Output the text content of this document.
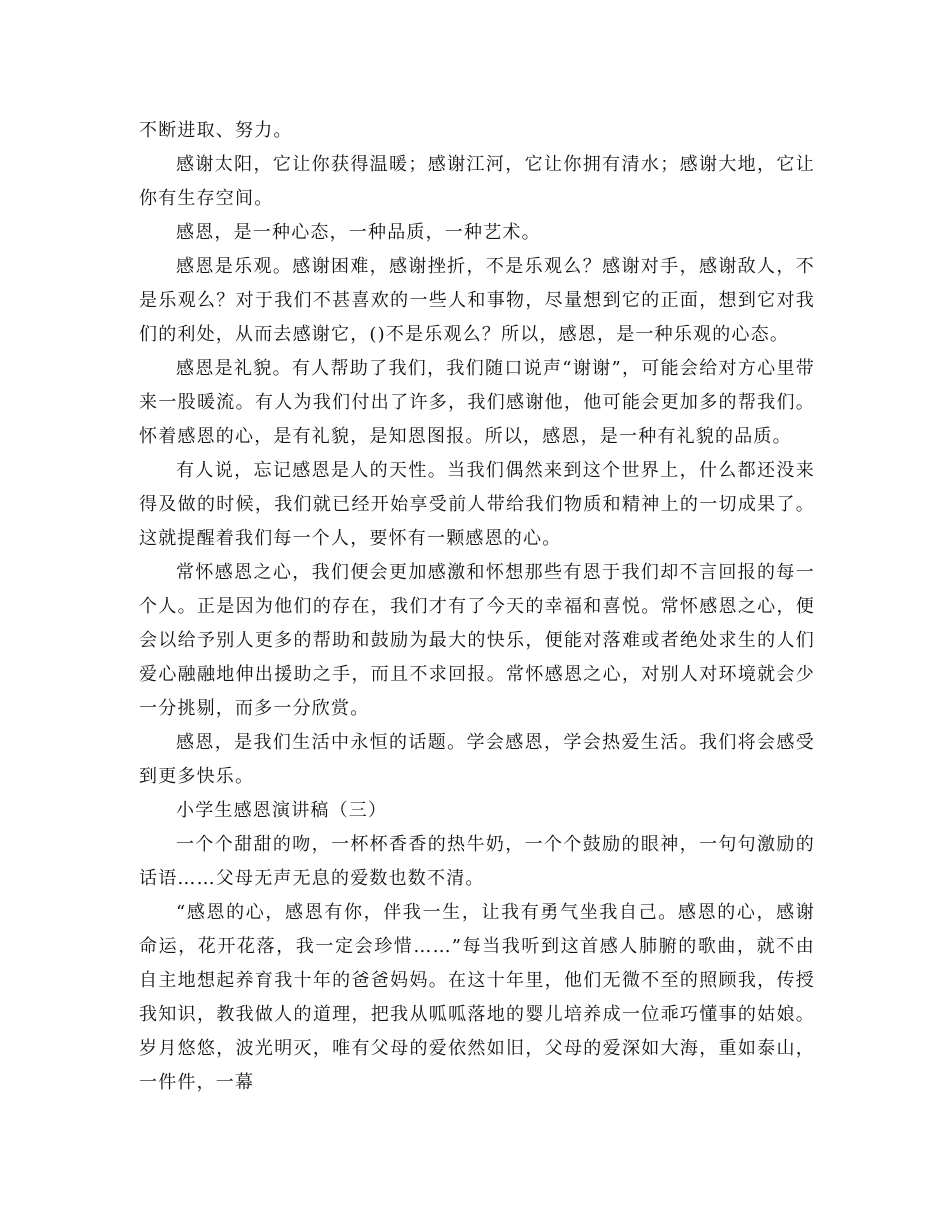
不断进取、努力。

感谢太阳，它让你获得温暖；感谢江河，它让你拥有清水；感谢大地，它让你有生存空间。

感恩，是一种心态，一种品质，一种艺术。

感恩是乐观。感谢困难，感谢挫折，不是乐观么？感谢对手，感谢敌人，不是乐观么？对于我们不甚喜欢的一些人和事物，尽量想到它的正面，想到它对我们的利处，从而去感谢它，()不是乐观么？所以，感恩，是一种乐观的心态。

感恩是礼貌。有人帮助了我们，我们随口说声“谢谢”，可能会给对方心里带来一股暖流。有人为我们付出了许多，我们感谢他，他可能会更加多的帮我们。怀着感恩的心，是有礼貌，是知恩图报。所以，感恩，是一种有礼貌的品质。

有人说，忘记感恩是人的天性。当我们偶然来到这个世界上，什么都还没来得及做的时候，我们就已经开始享受前人带给我们物质和精神上的一切成果了。这就提醒着我们每一个人，要怀有一颗感恩的心。

常怀感恩之心，我们便会更加感激和怀想那些有恩于我们却不言回报的每一个人。正是因为他们的存在，我们才有了今天的幸福和喜悦。常怀感恩之心，便会以给予别人更多的帮助和鼓励为最大的快乐，便能对落难或者绝处求生的人们爱心融融地伸出援助之手，而且不求回报。常怀感恩之心，对别人对环境就会少一分挑剔，而多一分欣赏。

感恩，是我们生活中永恒的话题。学会感恩，学会热爱生活。我们将会感受到更多快乐。

小学生感恩演讲稿（三）

一个个甜甜的吻，一杯杯香香的热牛奶，一个个鼓励的眼神，一句句激励的话语……父母无声无息的爱数也数不清。

“感恩的心，感恩有你，伴我一生，让我有勇气坐我自己。感恩的心，感谢命运，花开花落，我一定会珍惜……”每当我听到这首感人肺腑的歌曲，就不由自主地想起养育我十年的爸爸妈妈。在这十年里，他们无微不至的照顾我，传授我知识，教我做人的道理，把我从呱呱落地的婴儿培养成一位乖巧懂事的姑娘。岁月悠悠，波光明灭，唯有父母的爱依然如旧，父母的爱深如大海，重如泰山，一件件，一幕
